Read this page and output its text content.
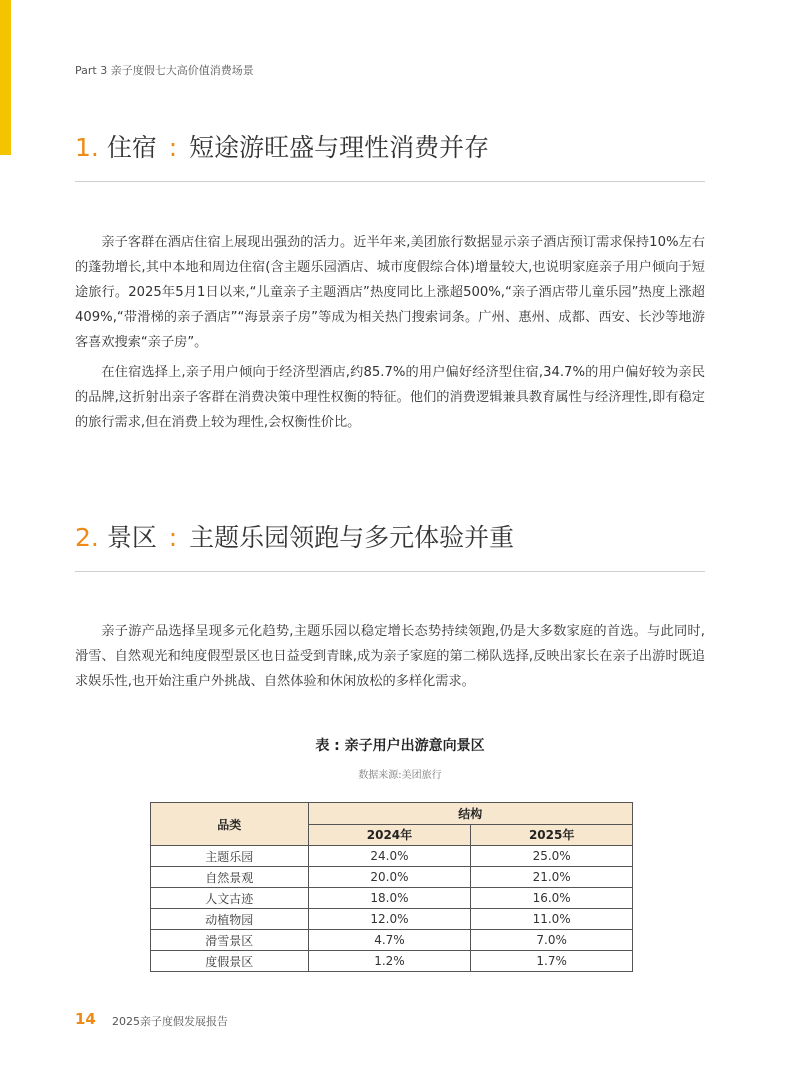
Part 3 亲子度假七大高价值消费场景
1. 住宿 : 短途游旺盛与理性消费并存

亲子客群在酒店住宿上展现出强劲的活力。近半年来,美团旅行数据显示亲子酒店预订需求保持10%左右的蓬勃增长,其中本地和周边住宿(含主题乐园酒店、城市度假综合体)增量较大,也说明家庭亲子用户倾向于短途旅行。2025年5月1日以来,“儿童亲子主题酒店”热度同比上涨超500%,“亲子酒店带儿童乐园”热度上涨超409%,“带滑梯的亲子酒店”“海景亲子房”等成为相关热门搜索词条。广州、惠州、成都、西安、长沙等地游客喜欢搜索“亲子房”。

在住宿选择上,亲子用户倾向于经济型酒店,约85.7%的用户偏好经济型住宿,34.7%的用户偏好较为亲民的品牌,这折射出亲子客群在消费决策中理性权衡的特征。他们的消费逻辑兼具教育属性与经济理性,即有稳定的旅行需求,但在消费上较为理性,会权衡性价比。

2. 景区 : 主题乐园领跑与多元体验并重

亲子游产品选择呈现多元化趋势,主题乐园以稳定增长态势持续领跑,仍是大多数家庭的首选。与此同时,滑雪、自然观光和纯度假型景区也日益受到青睐,成为亲子家庭的第二梯队选择,反映出家长在亲子出游时既追求娱乐性,也开始注重户外挑战、自然体验和休闲放松的多样化需求。

表 : 亲子用户出游意向景区
数据来源:美团旅行
品类	结构	
	2024年	2025年
主题乐园	24.0%	25.0%
自然景观	20.0%	21.0%
人文古迹	18.0%	16.0%
动植物园	12.0%	11.0%
滑雪景区	4.7%	7.0%
度假景区	1.2%	1.7%
14 2025亲子度假发展报告
